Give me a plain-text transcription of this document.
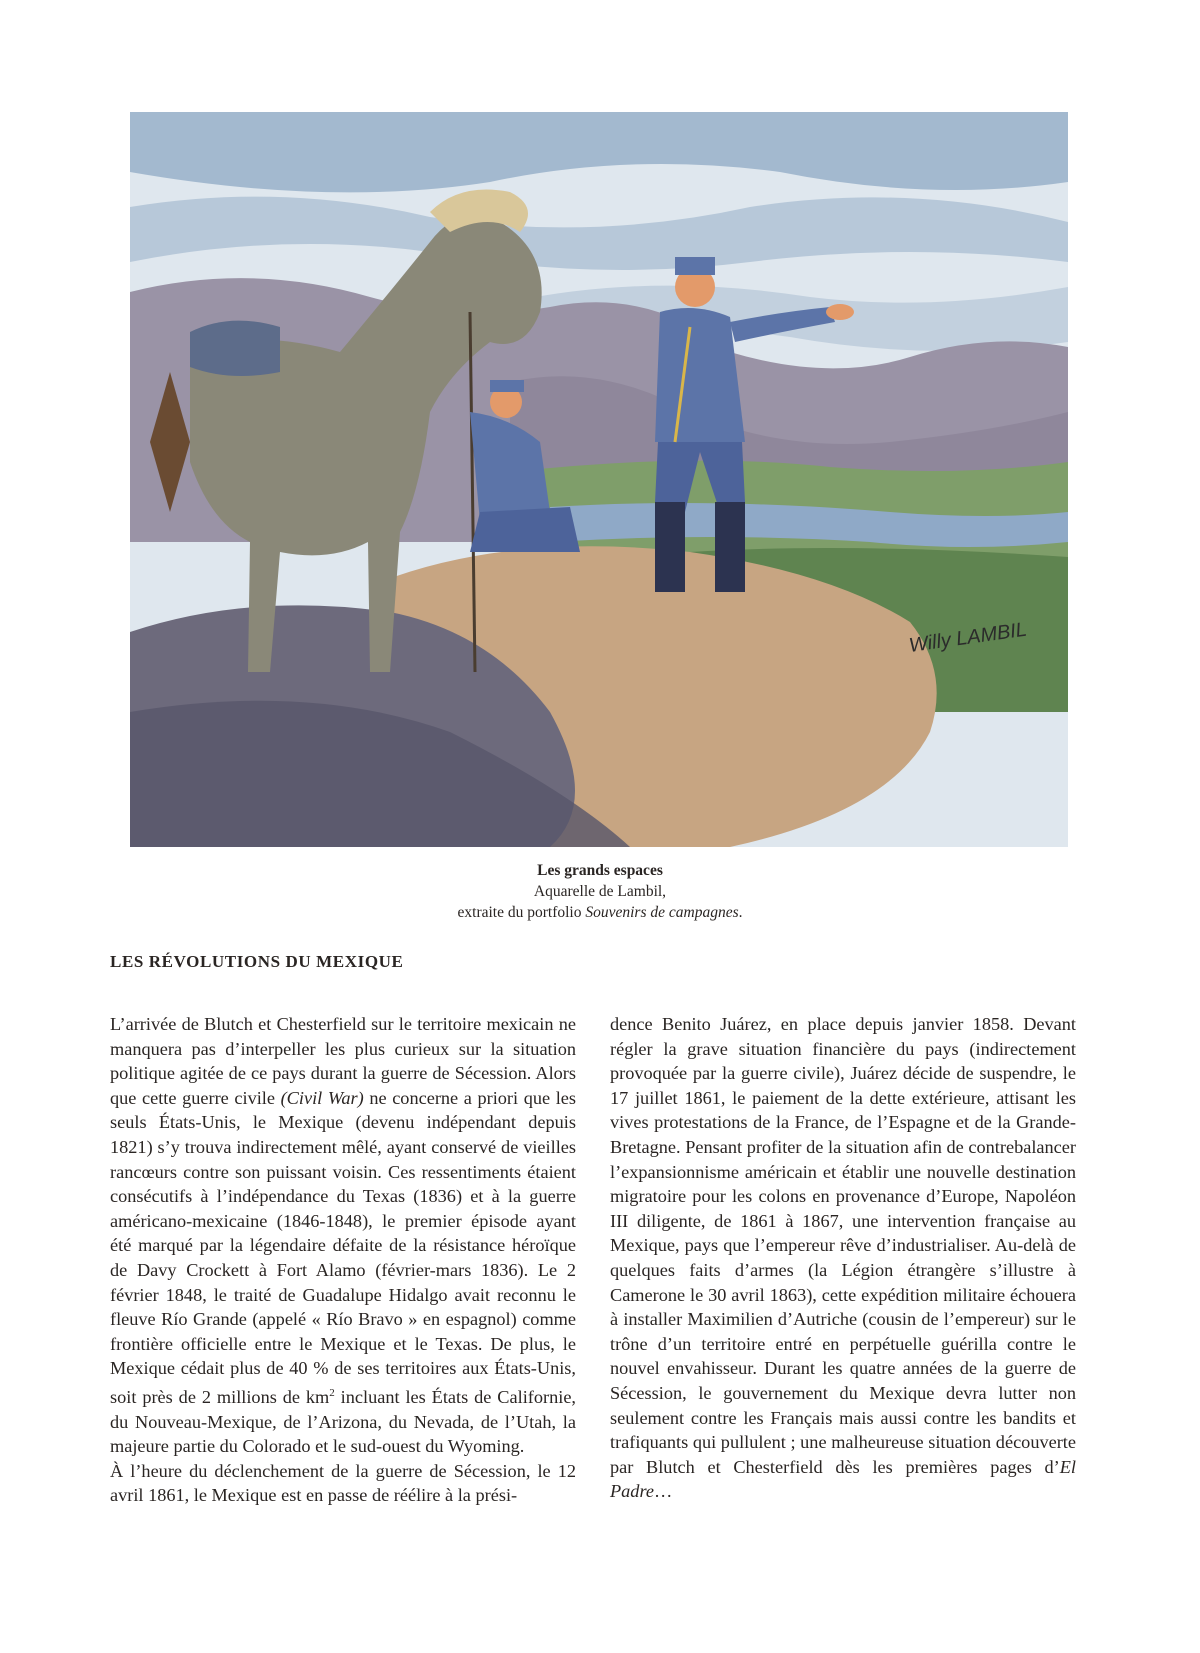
Willy LAMBIL
Les grands espaces
Aquarelle de Lambil,
extraite du portfolio Souvenirs de campagnes.
LES RÉVOLUTIONS DU MEXIQUE

L’arrivée de Blutch et Chesterfield sur le territoire mexicain ne manquera pas d’interpeller les plus curieux sur la situation politique agitée de ce pays durant la guerre de Sécession. Alors que cette guerre civile (Civil War) ne concerne a priori que les seuls États-Unis, le Mexique (devenu indépendant depuis 1821) s’y trouva indirectement mêlé, ayant conservé de vieilles rancœurs contre son puissant voisin. Ces ressentiments étaient consécutifs à l’indépendance du Texas (1836) et à la guerre américano-mexicaine (1846-1848), le premier épisode ayant été marqué par la légendaire défaite de la résistance héroïque de Davy Crockett à Fort Alamo (février-mars 1836). Le 2 février 1848, le traité de Guadalupe Hidalgo avait reconnu le fleuve Río Grande (appelé « Río Bravo » en espagnol) comme frontière officielle entre le Mexique et le Texas. De plus, le Mexique cédait plus de 40 % de ses territoires aux États-Unis, soit près de 2 millions de $km^2$ incluant les États de Californie, du Nouveau-Mexique, de l’Arizona, du Nevada, de l’Utah, la majeure partie du Colorado et le sud-ouest du Wyoming.

À l’heure du déclenchement de la guerre de Sécession, le 12 avril 1861, le Mexique est en passe de réélire à la prési-

dence Benito Juárez, en place depuis janvier 1858. Devant régler la grave situation financière du pays (indirectement provoquée par la guerre civile), Juárez décide de suspendre, le 17 juillet 1861, le paiement de la dette extérieure, attisant les vives protestations de la France, de l’Espagne et de la Grande-Bretagne. Pensant profiter de la situation afin de contrebalancer l’expansionnisme américain et établir une nouvelle destination migratoire pour les colons en provenance d’Europe, Napoléon III diligente, de 1861 à 1867, une intervention française au Mexique, pays que l’empereur rêve d’industrialiser. Au-delà de quelques faits d’armes (la Légion étrangère s’illustre à Camerone le 30 avril 1863), cette expédition militaire échouera à installer Maximilien d’Autriche (cousin de l’empereur) sur le trône d’un territoire entré en perpétuelle guérilla contre le nouvel envahisseur. Durant les quatre années de la guerre de Sécession, le gouvernement du Mexique devra lutter non seulement contre les Français mais aussi contre les bandits et trafiquants qui pullulent ; une malheureuse situation découverte par Blutch et Chesterfield dès les premières pages d’El Padre…
